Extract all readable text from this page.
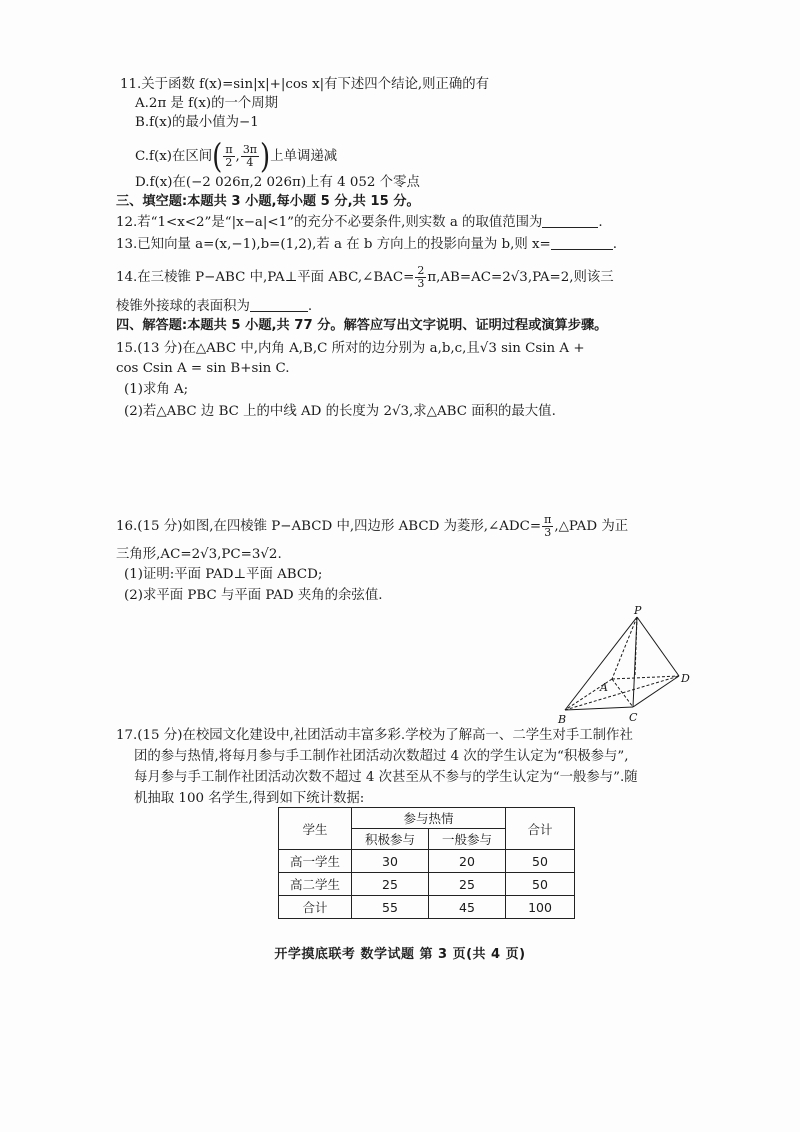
11.关于函数 f(x)=sin|x|+|cos x|有下述四个结论,则正确的有
A.2π 是 f(x)的一个周期
B.f(x)的最小值为−1
C.f(x)在区间( $\frac{\pi}{2}$ , $\frac{3\pi}{4}$ )上单调递减
D.f(x)在(−2 026π,2 026π)上有 4 052 个零点
三、填空题:本题共 3 小题,每小题 5 分,共 15 分。
12.若“1<x<2”是“|x−a|<1”的充分不必要条件,则实数 a 的取值范围为	.
13.已知向量 a=(x,−1),b=(1,2),若 a 在 b 方向上的投影向量为 b,则 x=	.
14.在三棱锥 P−ABC 中,PA⊥平面 ABC,∠BAC= $\frac{2}{3} \pi,AB=AC=2√3,PA=2$,则该三
棱锥外接球的表面积为	.
四、解答题:本题共 5 小题,共 77 分。解答应写出文字说明、证明过程或演算步骤。
15.(13 分)在△ABC 中,内角 A,B,C 所对的边分别为 a,b,c,且√3 sin Csin A +
cos Csin A = sin B+sin C.
(1)求角 A;
(2)若△ABC 边 BC 上的中线 AD 的长度为 2√3,求△ABC 面积的最大值.
16.(15 分)如图,在四棱锥 P−ABCD 中,四边形 ABCD 为菱形,∠ADC= $\frac{\pi}{3}$ ,△PAD 为正
三角形,AC=2√3,PC=3√2.
(1)证明:平面 PAD⊥平面 ABCD;
(2)求平面 PBC 与平面 PAD 夹角的余弦值.
P
A
B	C
D
17.(15 分)在校园文化建设中,社团活动丰富多彩.学校为了解高一、二学生对手工制作社
团的参与热情,将每月参与手工制作社团活动次数超过 4 次的学生认定为“积极参与”,
每月参与手工制作社团活动次数不超过 4 次甚至从不参与的学生认定为“一般参与”.随
机抽取 100 名学生,得到如下统计数据:
学生	参与热情		合计
	积极参与	一般参与	
高一学生	30	20	50
高二学生	25	25	50
合计	55	45	100
开学摸底联考 数学试题 第 3 页(共 4 页)
